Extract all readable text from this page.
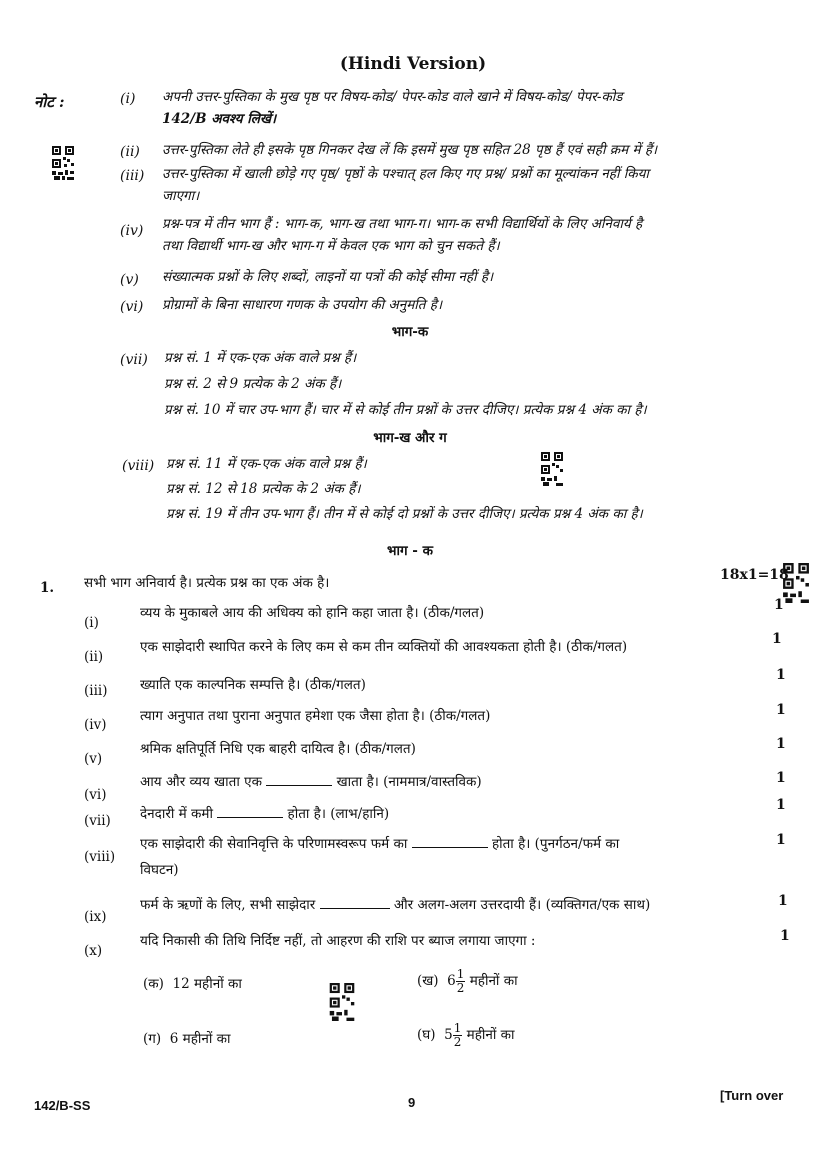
(Hindi Version)
नोट :	(i) अपनी उत्तर-पुस्तिका के मुख पृष्ठ पर विषय-कोड/ पेपर-कोड वाले खाने में विषय-कोड/ पेपर-कोड
142/B अवश्य लिखें।
(ii) उत्तर-पुस्तिका लेते ही इसके पृष्ठ गिनकर देख लें कि इसमें मुख पृष्ठ सहित 28 पृष्ठ हैं एवं सही क्रम में हैं।
(iii) उत्तर-पुस्तिका में खाली छोड़े गए पृष्ठ/ पृष्ठों के पश्चात् हल किए गए प्रश्न/ प्रश्नों का मूल्यांकन नहीं किया
जाएगा।
(iv) प्रश्न-पत्र में तीन भाग हैं : भाग-क, भाग-ख तथा भाग-ग। भाग-क सभी विद्यार्थियों के लिए अनिवार्य है
तथा विद्यार्थी भाग-ख और भाग-ग में केवल एक भाग को चुन सकते हैं।
(v) संख्यात्मक प्रश्नों के लिए शब्दों, लाइनों या पत्रों की कोई सीमा नहीं है।
(vi) प्रोग्रामों के बिना साधारण गणक के उपयोग की अनुमति है।
भाग-क
(vii) प्रश्न सं. 1 में एक-एक अंक वाले प्रश्न हैं।
प्रश्न सं. 2 से 9 प्रत्येक के 2 अंक हैं।
प्रश्न सं. 10 में चार उप-भाग हैं। चार में से कोई तीन प्रश्नों के उत्तर दीजिए। प्रत्येक प्रश्न 4 अंक का है।
भाग-ख और ग
(viii) प्रश्न सं. 11 में एक-एक अंक वाले प्रश्न हैं।
प्रश्न सं. 12 से 18 प्रत्येक के 2 अंक हैं।
प्रश्न सं. 19 में तीन उप-भाग हैं। तीन में से कोई दो प्रश्नों के उत्तर दीजिए। प्रत्येक प्रश्न 4 अंक का है।
भाग - क
1. सभी भाग अनिवार्य है। प्रत्येक प्रश्न का एक अंक है।	18x1=18
(i)
व्यय के मुकाबले आय की अधिक्य को हानि कहा जाता है। (ठीक/गलत)	1
(ii)
एक साझेदारी स्थापित करने के लिए कम से कम तीन व्यक्तियों की आवश्यकता होती है। (ठीक/गलत)	1
(iii) ख्याति एक काल्पनिक सम्पत्ति है। (ठीक/गलत)
1
(iv)
त्याग अनुपात तथा पुराना अनुपात हमेशा एक जैसा होता है। (ठीक/गलत)	1
(v)
श्रमिक क्षतिपूर्ति निधि एक बाहरी दायित्व है। (ठीक/गलत)	1
(vi)
आय और व्यय खाता एक	खाता है। (नाममात्र/वास्तविक)	1
(vii) देनदारी में कमी	होता है। (लाभ/हानि)
1
(viii)
एक साझेदारी की सेवानिवृत्ति के परिणामस्वरूप फर्म का	होता है। (पुनर्गठन/फर्म का
विघटन)
1
(ix)
फर्म के ऋणों के लिए, सभी साझेदार	और अलग-अलग उत्तरदायी हैं। (व्यक्तिगत/एक साथ)	1
(x)
यदि निकासी की तिथि निर्दिष्ट नहीं, तो आहरण की राशि पर ब्याज लगाया जाएगा :	1
(क) 12 महीनों का	(ख) $6 \frac{1}{2}$ महीनों का
(ग) 6 महीनों का	(घ) $5 \frac{1}{2}$ महीनों का
142/B-SS	9	[Turn over
